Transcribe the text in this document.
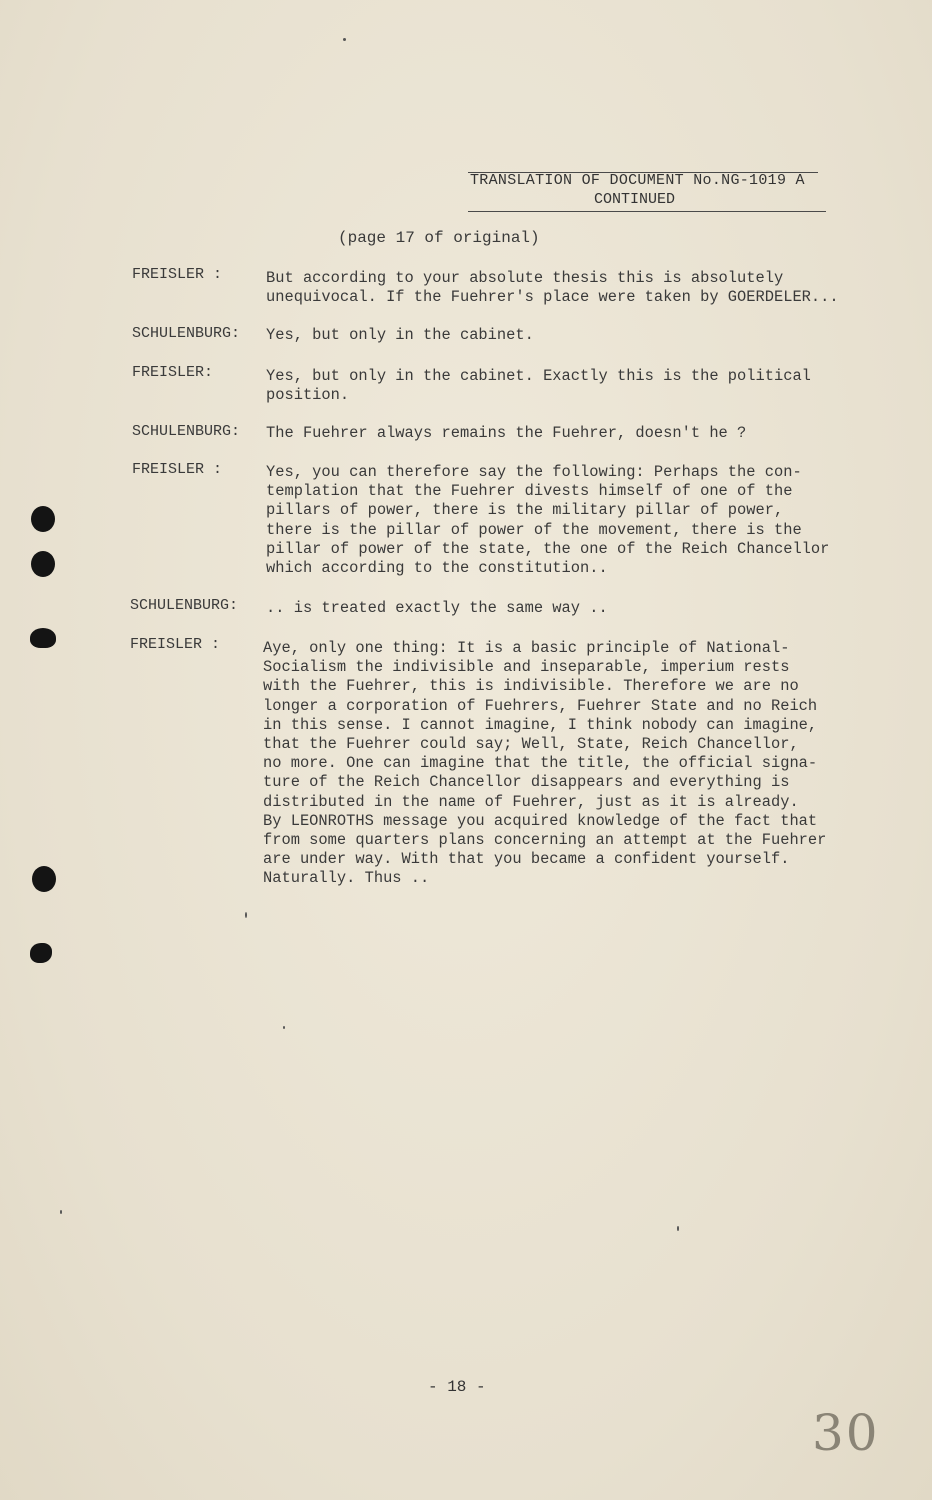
TRANSLATION OF DOCUMENT No.NG-1019 A
CONTINUED
(page 17 of original)
FREISLER :	But according to your absolute thesis this is absolutely
unequivocal. If the Fuehrer's place were taken by GOERDELER...
SCHULENBURG: Yes, but only in the cabinet.
FREISLER:	Yes, but only in the cabinet. Exactly this is the political
position.
SCHULENBURG: The Fuehrer always remains the Fuehrer, doesn't he ?
FREISLER :	Yes, you can therefore say the following: Perhaps the con-
templation that the Fuehrer divests himself of one of the
pillars of power, there is the military pillar of power,
there is the pillar of power of the movement, there is the
pillar of power of the state, the one of the Reich Chancellor
which according to the constitution..
SCHULENBURG: .. is treated exactly the same way ..
FREISLER :	Aye, only one thing: It is a basic principle of National-
Socialism the indivisible and inseparable, imperium rests
with the Fuehrer, this is indivisible. Therefore we are no
longer a corporation of Fuehrers, Fuehrer State and no Reich
in this sense. I cannot imagine, I think nobody can imagine,
that the Fuehrer could say; Well, State, Reich Chancellor,
no more. One can imagine that the title, the official signa-
ture of the Reich Chancellor disappears and everything is
distributed in the name of Fuehrer, just as it is already.
By LEONROTHS message you acquired knowledge of the fact that
from some quarters plans concerning an attempt at the Fuehrer
are under way. With that you became a confident yourself.
Naturally. Thus ..
- 18 -
30
